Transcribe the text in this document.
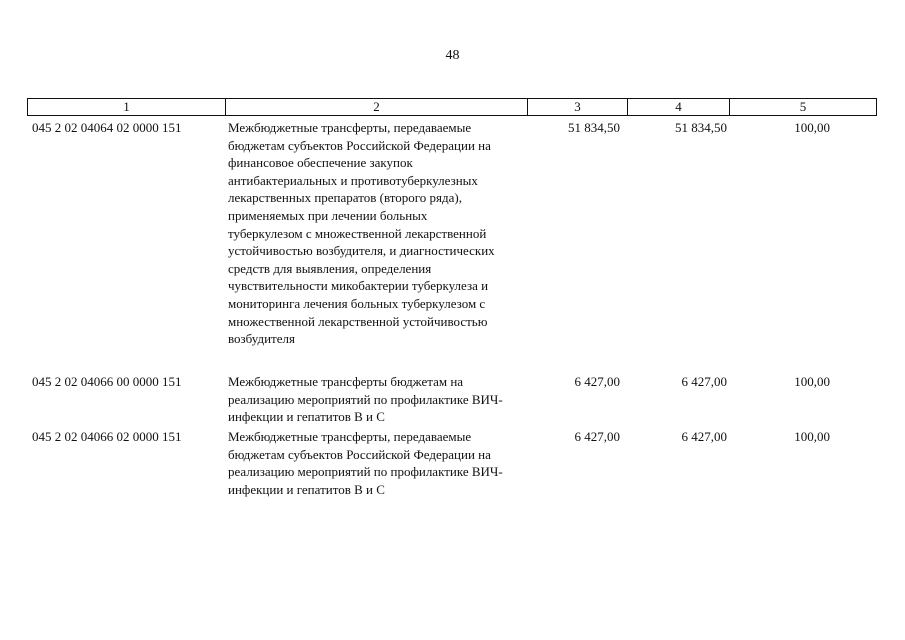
48
1	2	3	4	5
045 2 02 04064 02 0000 151	Межбюджетные трансферты, передаваемые
бюджетам субъектов Российской Федерации на
финансовое обеспечение закупок
антибактериальных и противотуберкулезных
лекарственных препаратов (второго ряда),
применяемых при лечении больных
туберкулезом с множественной лекарственной
устойчивостью возбудителя, и диагностических
средств для выявления, определения
чувствительности микобактерии туберкулеза и
мониторинга лечения больных туберкулезом с
множественной лекарственной устойчивостью
возбудителя
51 834,50	51 834,50	100,00
045 2 02 04066 00 0000 151	Межбюджетные трансферты бюджетам на
реализацию мероприятий по профилактике ВИЧ-
инфекции и гепатитов B и C
6 427,00	6 427,00	100,00
045 2 02 04066 02 0000 151	Межбюджетные трансферты, передаваемые
бюджетам субъектов Российской Федерации на
реализацию мероприятий по профилактике ВИЧ-
инфекции и гепатитов B и C
6 427,00	6 427,00	100,00
